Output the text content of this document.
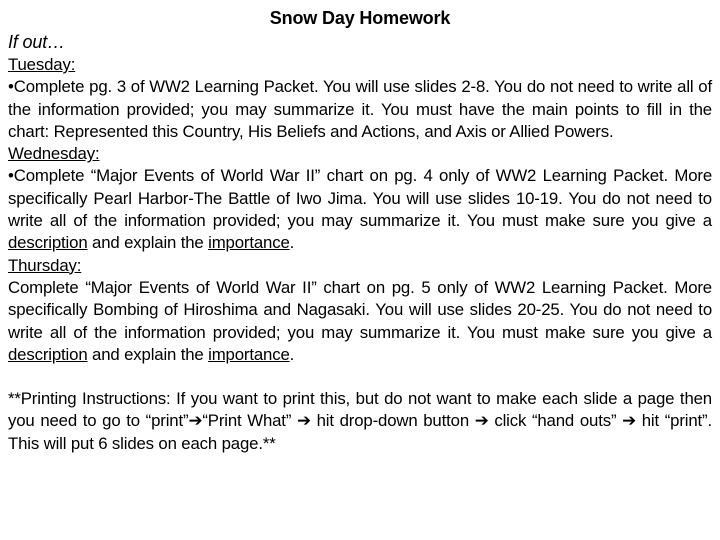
Snow Day Homework

If out…

Tuesday:

•Complete pg. 3 of WW2 Learning Packet. You will use slides 2-8. You do not need to write all of the information provided; you may summarize it. You must have the main points to fill in the chart: Represented this Country, His Beliefs and Actions, and Axis or Allied Powers.

Wednesday:

•Complete “Major Events of World War II” chart on pg. 4 only of WW2 Learning Packet. More specifically Pearl Harbor-The Battle of Iwo Jima. You will use slides 10-19. You do not need to write all of the information provided; you may summarize it. You must make sure you give a description and explain the importance.

Thursday:

Complete “Major Events of World War II” chart on pg. 5 only of WW2 Learning Packet. More specifically Bombing of Hiroshima and Nagasaki. You will use slides 20-25. You do not need to write all of the information provided; you may summarize it. You must make sure you give a description and explain the importance.

**Printing Instructions: If you want to print this, but do not want to make each slide a page then you need to go to “print”➔“Print What” ➔ hit drop-down button ➔ click “hand outs” ➔ hit “print”. This will put 6 slides on each page.**
